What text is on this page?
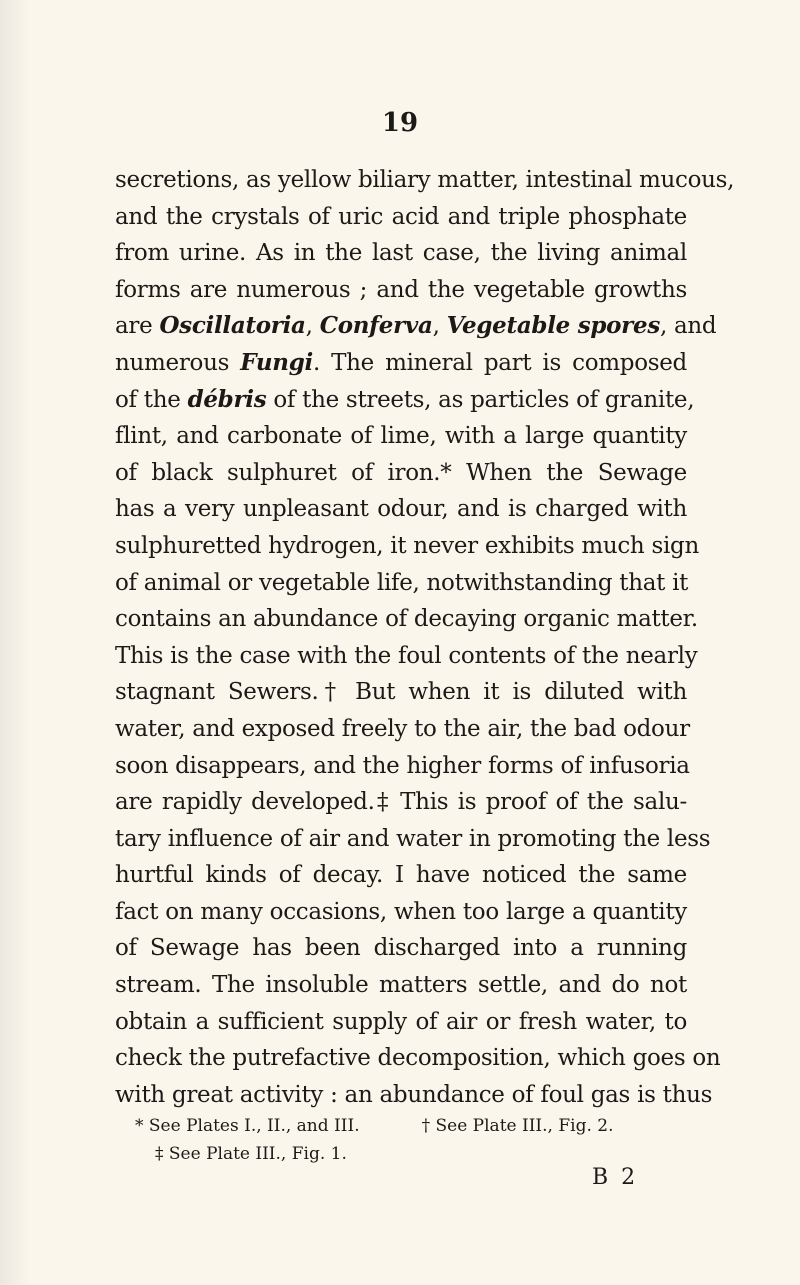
19
secretions, as yellow biliary matter, intestinal mucous,
and the crystals of uric acid and triple phosphate
from urine. As in the last case, the living animal
forms are numerous ; and the vegetable growths
are Oscillatoria, Conferva, Vegetable spores, and
numerous Fungi. The mineral part is composed
of the débris of the streets, as particles of granite,
flint, and carbonate of lime, with a large quantity
of black sulphuret of iron.* When the Sewage
has a very unpleasant odour, and is charged with
sulphuretted hydrogen, it never exhibits much sign
of animal or vegetable life, notwithstanding that it
contains an abundance of decaying organic matter.
This is the case with the foul contents of the nearly
stagnant Sewers.† But when it is diluted with
water, and exposed freely to the air, the bad odour
soon disappears, and the higher forms of infusoria
are rapidly developed.‡ This is proof of the salu-
tary influence of air and water in promoting the less
hurtful kinds of decay. I have noticed the same
fact on many occasions, when too large a quantity
of Sewage has been discharged into a running
stream. The insoluble matters settle, and do not
obtain a sufficient supply of air or fresh water, to
check the putrefactive decomposition, which goes on
with great activity : an abundance of foul gas is thus
* See Plates I., II., and III.	† See Plate III., Fig. 2.
‡ See Plate III., Fig. 1.
B 2
